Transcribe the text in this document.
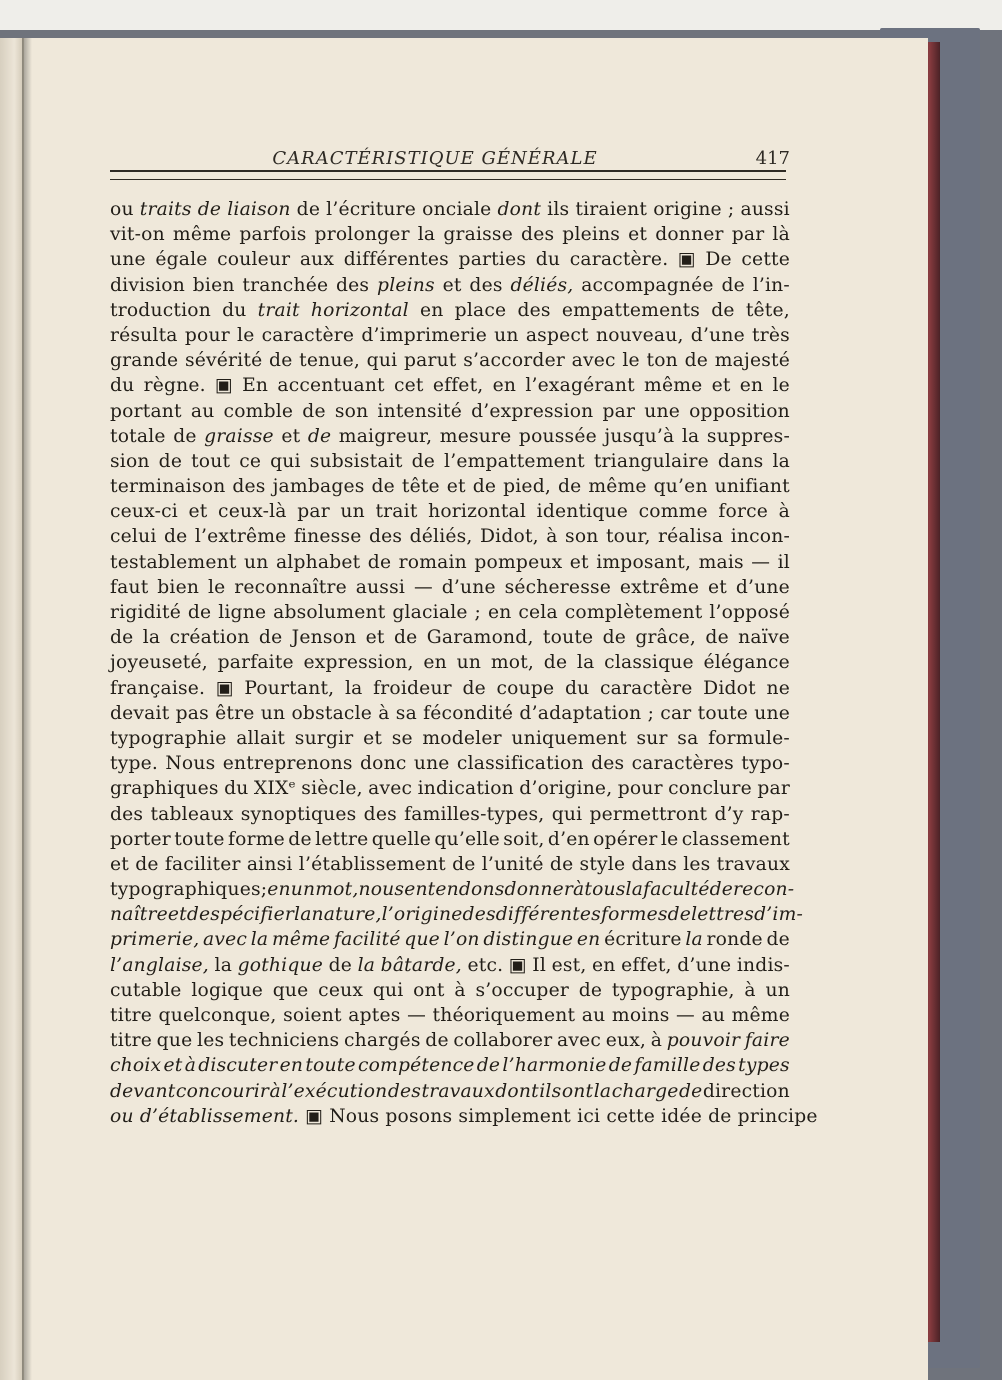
CARACTÉRISTIQUE GÉNÉRALE	417
ou traits de liaison de l’écriture onciale dont ils tiraient origine ; aussi
vit-on même parfois prolonger la graisse des pleins et donner par là
une égale couleur aux différentes parties du caractère. ▣ De cette
division bien tranchée des pleins et des déliés, accompagnée de l’in-
troduction du trait horizontal en place des empattements de tête,
résulta pour le caractère d’imprimerie un aspect nouveau, d’une très
grande sévérité de tenue, qui parut s’accorder avec le ton de majesté
du règne. ▣ En accentuant cet effet, en l’exagérant même et en le
portant au comble de son intensité d’expression par une opposition
totale de graisse et de maigreur, mesure poussée jusqu’à la suppres-
sion de tout ce qui subsistait de l’empattement triangulaire dans la
terminaison des jambages de tête et de pied, de même qu’en unifiant
ceux-ci et ceux-là par un trait horizontal identique comme force à
celui de l’extrême finesse des déliés, Didot, à son tour, réalisa incon-
testablement un alphabet de romain pompeux et imposant, mais — il
faut bien le reconnaître aussi — d’une sécheresse extrême et d’une
rigidité de ligne absolument glaciale ; en cela complètement l’opposé
de la création de Jenson et de Garamond, toute de grâce, de naïve
joyeuseté, parfaite expression, en un mot, de la classique élégance
française. ▣ Pourtant, la froideur de coupe du caractère Didot ne
devait pas être un obstacle à sa fécondité d’adaptation ; car toute une
typographie allait surgir et se modeler uniquement sur sa formule-
type. Nous entreprenons donc une classification des caractères typo-
graphiques du XIXᵉ siècle, avec indication d’origine, pour conclure par
des tableaux synoptiques des familles-types, qui permettront d’y rap-
porter toute forme de lettre quelle qu’elle soit, d’en opérer le classement
et de faciliter ainsi l’établissement de l’unité de style dans les travaux
typographiques ; en un mot, nous entendons donner à tous la faculté de recon-
naître et de spécifier la nature, l’origine des différentes formes de lettres d’im-
primerie, avec la même facilité que l’on distingue en écriture la ronde de
l’anglaise, la gothique de la bâtarde, etc. ▣ Il est, en effet, d’une indis-
cutable logique que ceux qui ont à s’occuper de typographie, à un
titre quelconque, soient aptes — théoriquement au moins — au même
titre que les techniciens chargés de collaborer avec eux, à pouvoir faire
choix et à discuter en toute compétence de l’harmonie de famille des types
devant concourir à l’exécution des travaux dont ils ont la charge de direction
ou
d’établissement.
▣
Nous
posons
simplement
ici
cette
idée
de
principe
